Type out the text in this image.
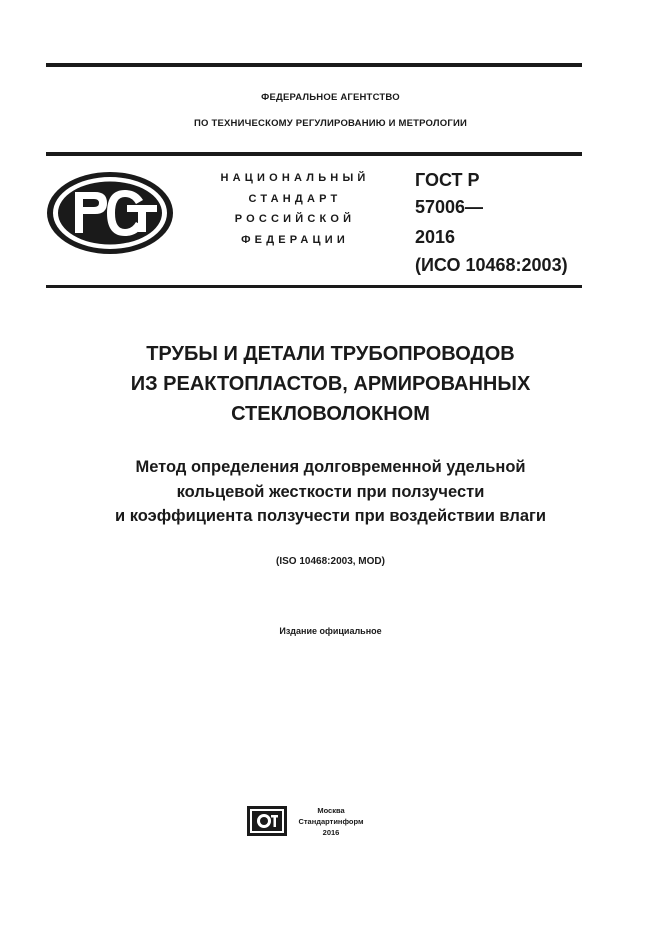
ФЕДЕРАЛЬНОЕ АГЕНТСТВО
ПО ТЕХНИЧЕСКОМУ РЕГУЛИРОВАНИЮ И МЕТРОЛОГИИ
НАЦИОНАЛЬНЫЙ
СТАНДАРТ
РОССИЙСКОЙ
ФЕДЕРАЦИИ
ГОСТ Р
57006—
2016
(ИСО 10468:2003)
ТРУБЫ И ДЕТАЛИ ТРУБОПРОВОДОВ
ИЗ РЕАКТОПЛАСТОВ, АРМИРОВАННЫХ
СТЕКЛОВОЛОКНОМ
Метод определения долговременной удельной
кольцевой жесткости при ползучести
и коэффициента ползучести при воздействии влаги
(ISO 10468:2003, MOD)
Издание официальное
Москва
Стандартинформ
2016
